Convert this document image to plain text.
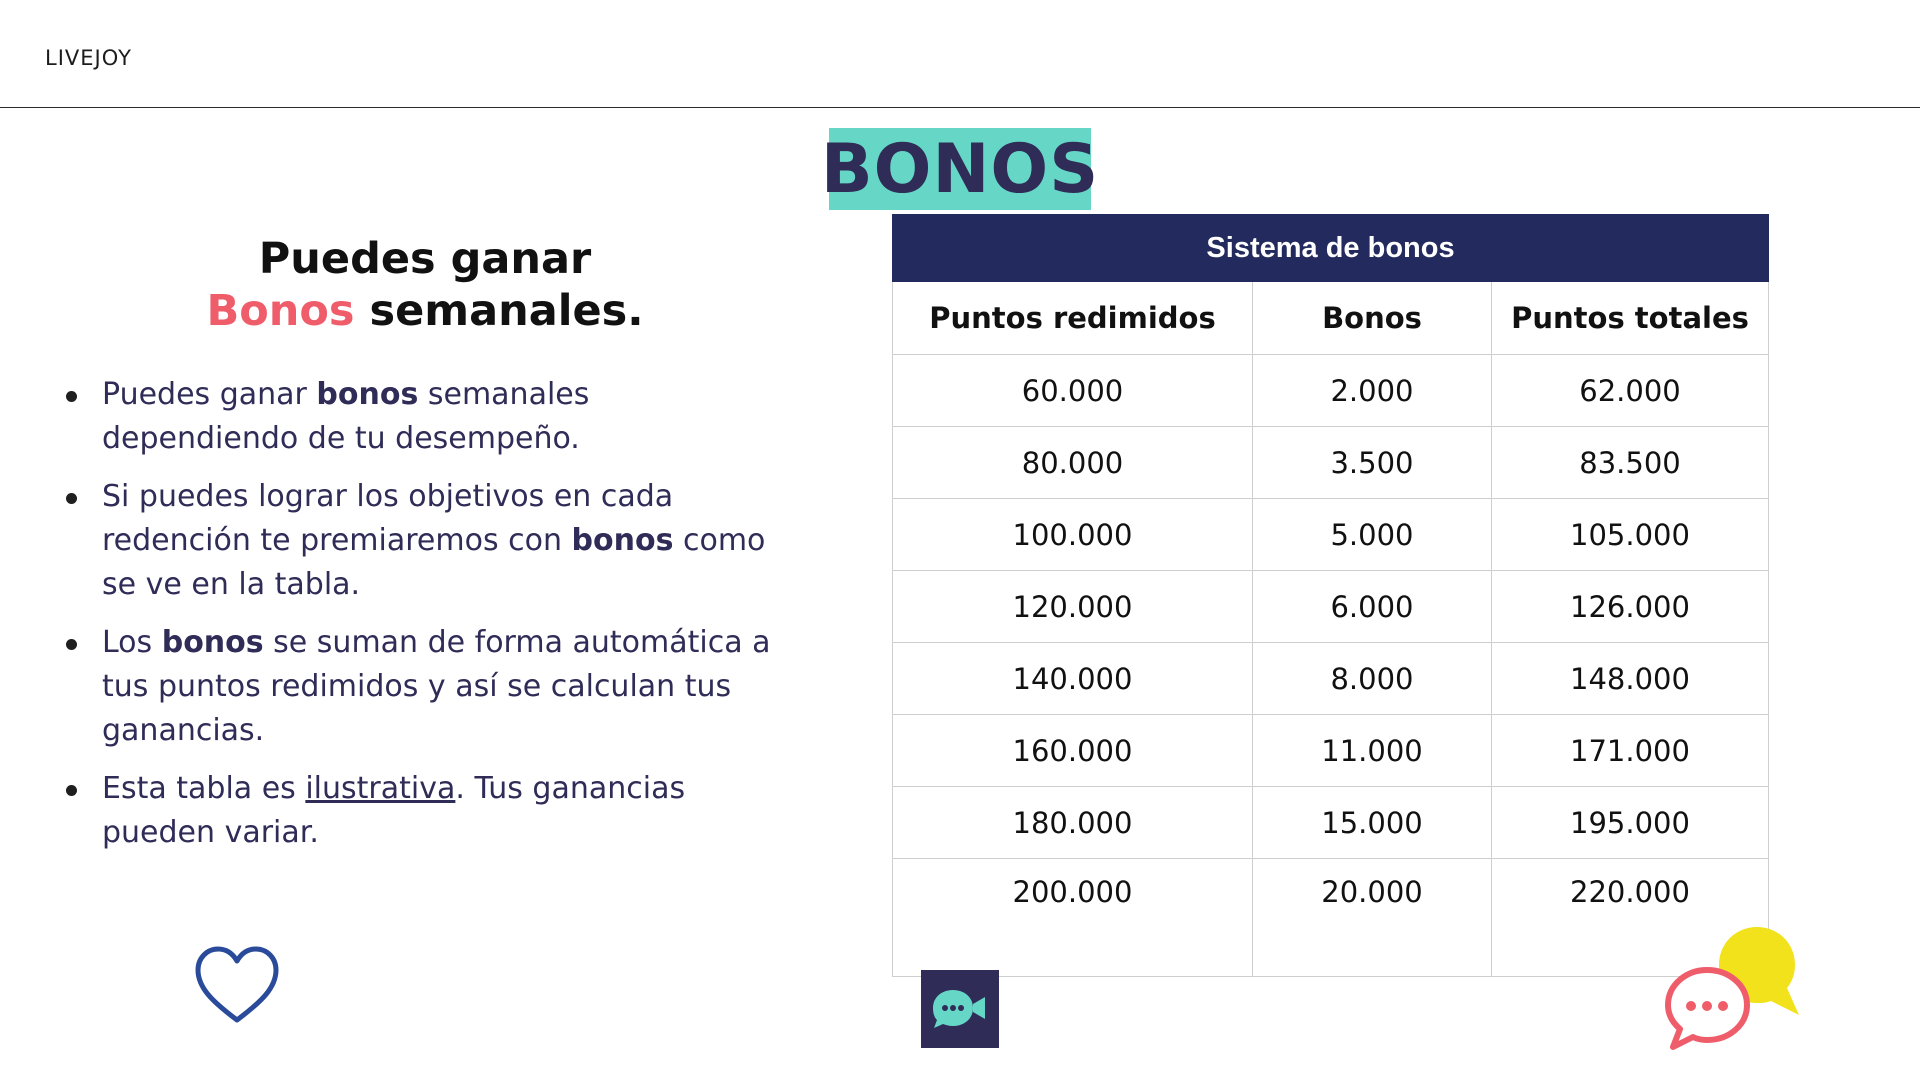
LIVEJOY
BONOS
Puedes ganar
Bonos semanales.
Puedes ganar bonos semanales dependiendo de tu desempeño.
Si puedes lograr los objetivos en cada redención te premiaremos con bonos como se ve en la tabla.
Los bonos se suman de forma automática a tus puntos redimidos y así se calculan tus ganancias.
Esta tabla es ilustrativa. Tus ganancias pueden variar.
Sistema de bonos		
Puntos redimidos	Bonos	Puntos totales
60.000	2.000	62.000
80.000	3.500	83.500
100.000	5.000	105.000
120.000	6.000	126.000
140.000	8.000	148.000
160.000	11.000	171.000
180.000	15.000	195.000
200.000	20.000	220.000
